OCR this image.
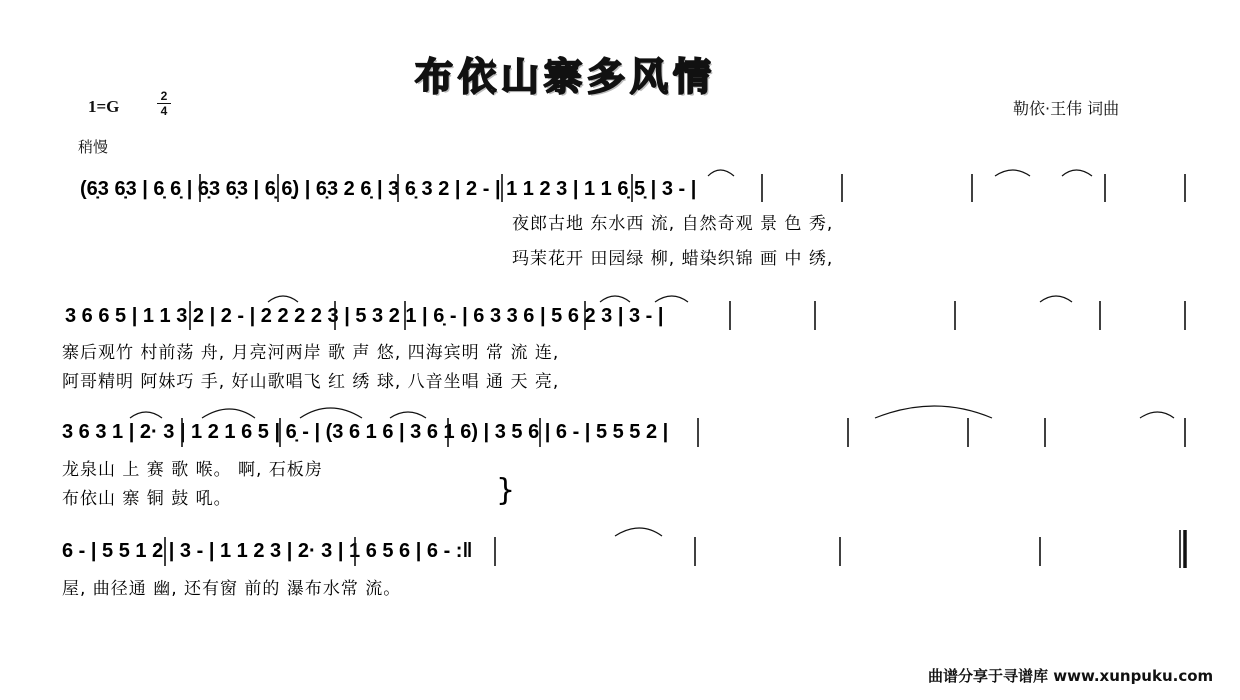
布依山寨多风情
1=G
2
4
稍慢
勒依·王伟 词曲
(6̣3 6̣3 | 6̣ 6̣ | 6̣3 6̣3 | 6̣ 6̣) | 6̣3 2 6̣ | 3 6̣ 3 2 | 2 - | 1 1 2 3 | 1 1 6̣ 5̣ | 3 - |
夜郎古地 东水西 流, 自然奇观 景 色 秀,
玛茉花开 田园绿 柳, 蜡染织锦 画 中 绣,
3 6 6 5 | 1 1 3 2 | 2 - | 2 2 2 2 3 | 5 3 2 1 | 6̣ - | 6 3 3 6 | 5 6 2 3 | 3 - |
寨后观竹 村前荡 舟, 月亮河两岸 歌 声 悠, 四海宾明 常 流 连,
阿哥精明 阿妹巧 手, 好山歌唱飞 红 绣 球, 八音坐唱 通 天 亮,
3 6 3 1 | 2· 3 | 1 2 1 6 5 | 6̣ - | (3 6 1 6 | 3 6 1 6) | 3 5 6 | 6 - | 5 5 5 2 |
龙泉山 上 赛 歌 喉。 啊, 石板房
布依山 寨 铜 鼓 吼。	}
6 - | 5 5 1 2 | 3 - | 1 1 2 3 | 2· 3 | 1 6 5 6 | 6 - :‖
屋, 曲径通 幽, 还有窗 前的 瀑布水常 流。
曲谱分享于寻谱库 www.xunpuku.com
